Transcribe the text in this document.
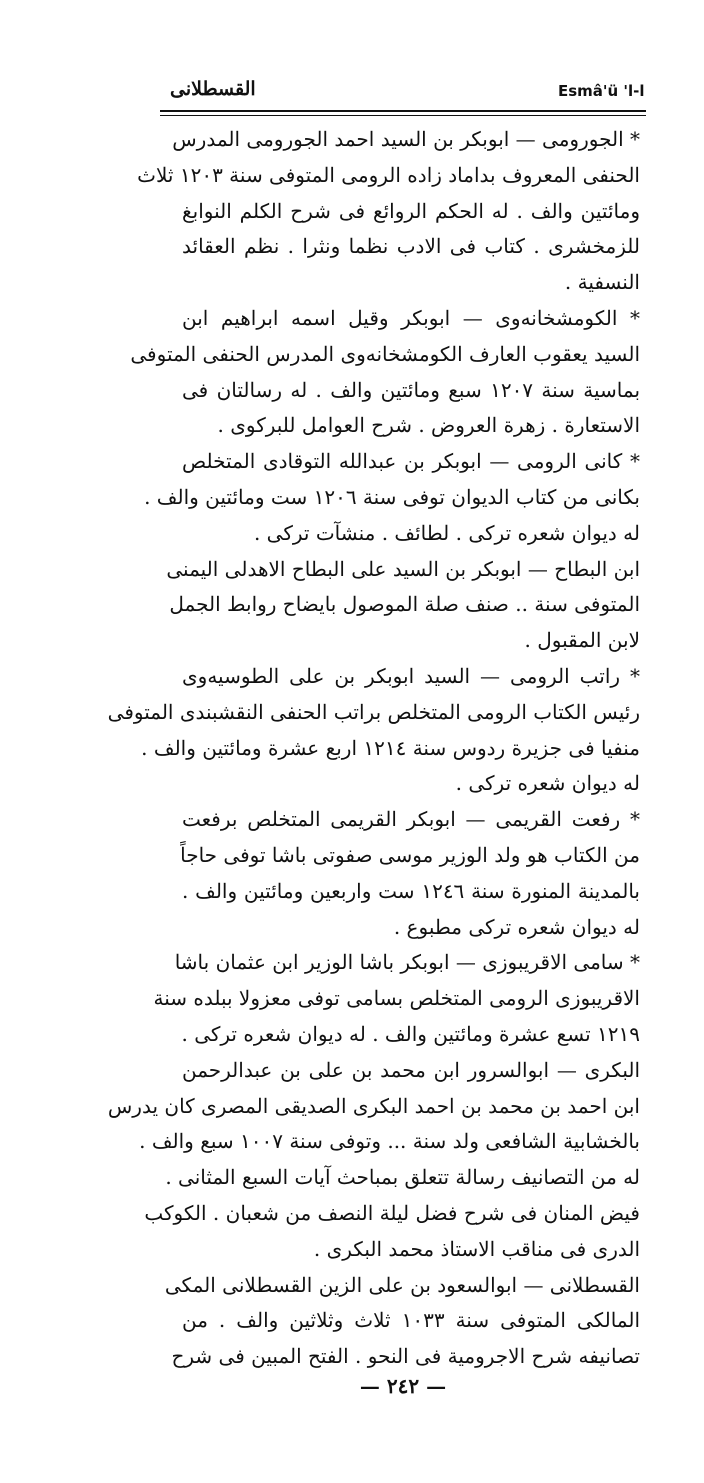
Esmâ'ü 'l-l
القسطلانى
* الجورومى — ابوبكر بن السيد احمد الجورومى المدرس
الحنفى المعروف بداماد زاده الرومى المتوفى سنة ١٢٠٣ ثلاث
ومائتين والف . له الحكم الروائع فى شرح الكلم النوابغ
للزمخشرى . كتاب فى الادب نظما ونثرا . نظم العقائد
النسفية .
* الكومشخانه‌وى — ابوبكر وقيل اسمه ابراهيم ابن
السيد يعقوب العارف الكومشخانه‌وى المدرس الحنفى المتوفى
بماسية سنة ١٢٠٧ سبع ومائتين والف . له رسالتان فى
الاستعارة . زهرة العروض . شرح العوامل للبركوى .
* كانى الرومى — ابوبكر بن عبدالله التوقادى المتخلص
بكانى من كتاب الديوان توفى سنة ١٢٠٦ ست ومائتين والف .
له ديوان شعره تركى . لطائف . منشآت تركى .
ابن البطاح — ابوبكر بن السيد على البطاح الاهدلى اليمنى
المتوفى سنة .. صنف صلة الموصول بايضاح روابط الجمل
لابن المقبول .
* راتب الرومى — السيد ابوبكر بن على الطوسيه‌وى
رئيس الكتاب الرومى المتخلص براتب الحنفى النقشبندى المتوفى
منفيا فى جزيرة ردوس سنة ١٢١٤ اربع عشرة ومائتين والف .
له ديوان شعره تركى .
* رفعت القريمى — ابوبكر القريمى المتخلص برفعت
من الكتاب هو ولد الوزير موسى صفوتى باشا توفى حاجاً
بالمدينة المنورة سنة ١٢٤٦ ست واربعين ومائتين والف .
له ديوان شعره تركى مطبوع .
* سامى الاقريبوزى — ابوبكر باشا الوزير ابن عثمان باشا
الاقريبوزى الرومى المتخلص بسامى توفى معزولا ببلده سنة
١٢١٩ تسع عشرة ومائتين والف . له ديوان شعره تركى .
البكرى — ابوالسرور ابن محمد بن على بن عبدالرحمن
ابن احمد بن محمد بن احمد البكرى الصديقى المصرى كان يدرس
بالخشابية الشافعى ولد سنة ... وتوفى سنة ١٠٠٧ سبع والف .
له من التصانيف رسالة تتعلق بمباحث آيات السبع المثانى .
فيض المنان فى شرح فضل ليلة النصف من شعبان . الكوكب
الدرى فى مناقب الاستاذ محمد البكرى .
القسطلانى — ابوالسعود بن على الزين القسطلانى المكى
المالكى المتوفى سنة ١٠٣٣ ثلاث وثلاثين والف . من
تصانيفه شرح الاجرومية فى النحو . الفتح المبين فى شرح
— ٢٤٢ —
